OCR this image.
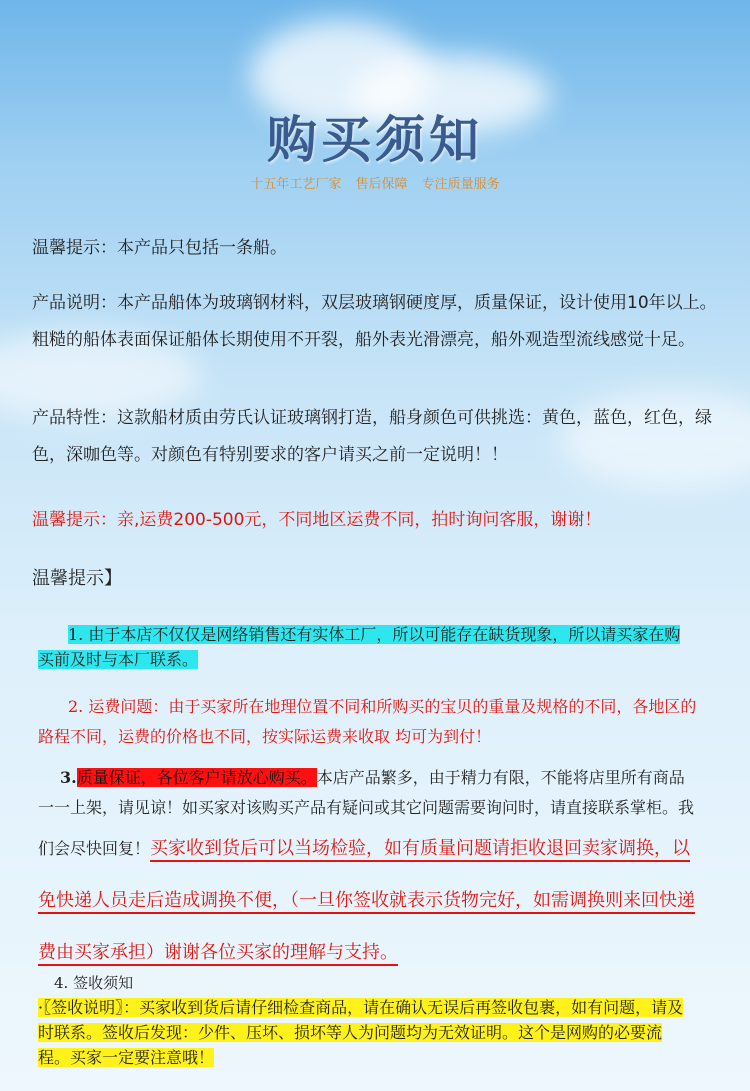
购买须知
十五年工艺厂家 售后保障 专注质量服务
温馨提示：本产品只包括一条船。
产品说明：本产品船体为玻璃钢材料，双层玻璃钢硬度厚，质量保证，设计使用10年以上。粗糙的船体表面保证船体长期使用不开裂，船外表光滑漂亮，船外观造型流线感觉十足。
产品特性：这款船材质由劳氏认证玻璃钢打造，船身颜色可供挑选：黄色，蓝色，红色，绿色，深咖色等。对颜色有特别要求的客户请买之前一定说明！！
温馨提示：亲,运费200-500元，不同地区运费不同，拍时询问客服，谢谢！
温馨提示】
1. 由于本店不仅仅是网络销售还有实体工厂，所以可能存在缺货现象，所以请买家在购买前及时与本厂联系。
2. 运费问题：由于买家所在地理位置不同和所购买的宝贝的重量及规格的不同，各地区的路程不同，运费的价格也不同，按实际运费来收取 均可为到付！
3.质量保证，各位客户请放心购买。本店产品繁多，由于精力有限，不能将店里所有商品一一上架，请见谅！如买家对该购买产品有疑问或其它问题需要询问时，请直接联系掌柜。我们会尽快回复！买家收到货后可以当场检验，如有质量问题请拒收退回卖家调换，以免快递人员走后造成调换不便，（一旦你签收就表示货物完好，如需调换则来回快递费由买家承担）谢谢各位买家的理解与支持。
4. 签收须知
·〖签收说明〗：买家收到货后请仔细检查商品，请在确认无误后再签收包裹，如有问题，请及时联系。签收后发现：少件、压坏、损坏等人为问题均为无效证明。这个是网购的必要流程。买家一定要注意哦！
